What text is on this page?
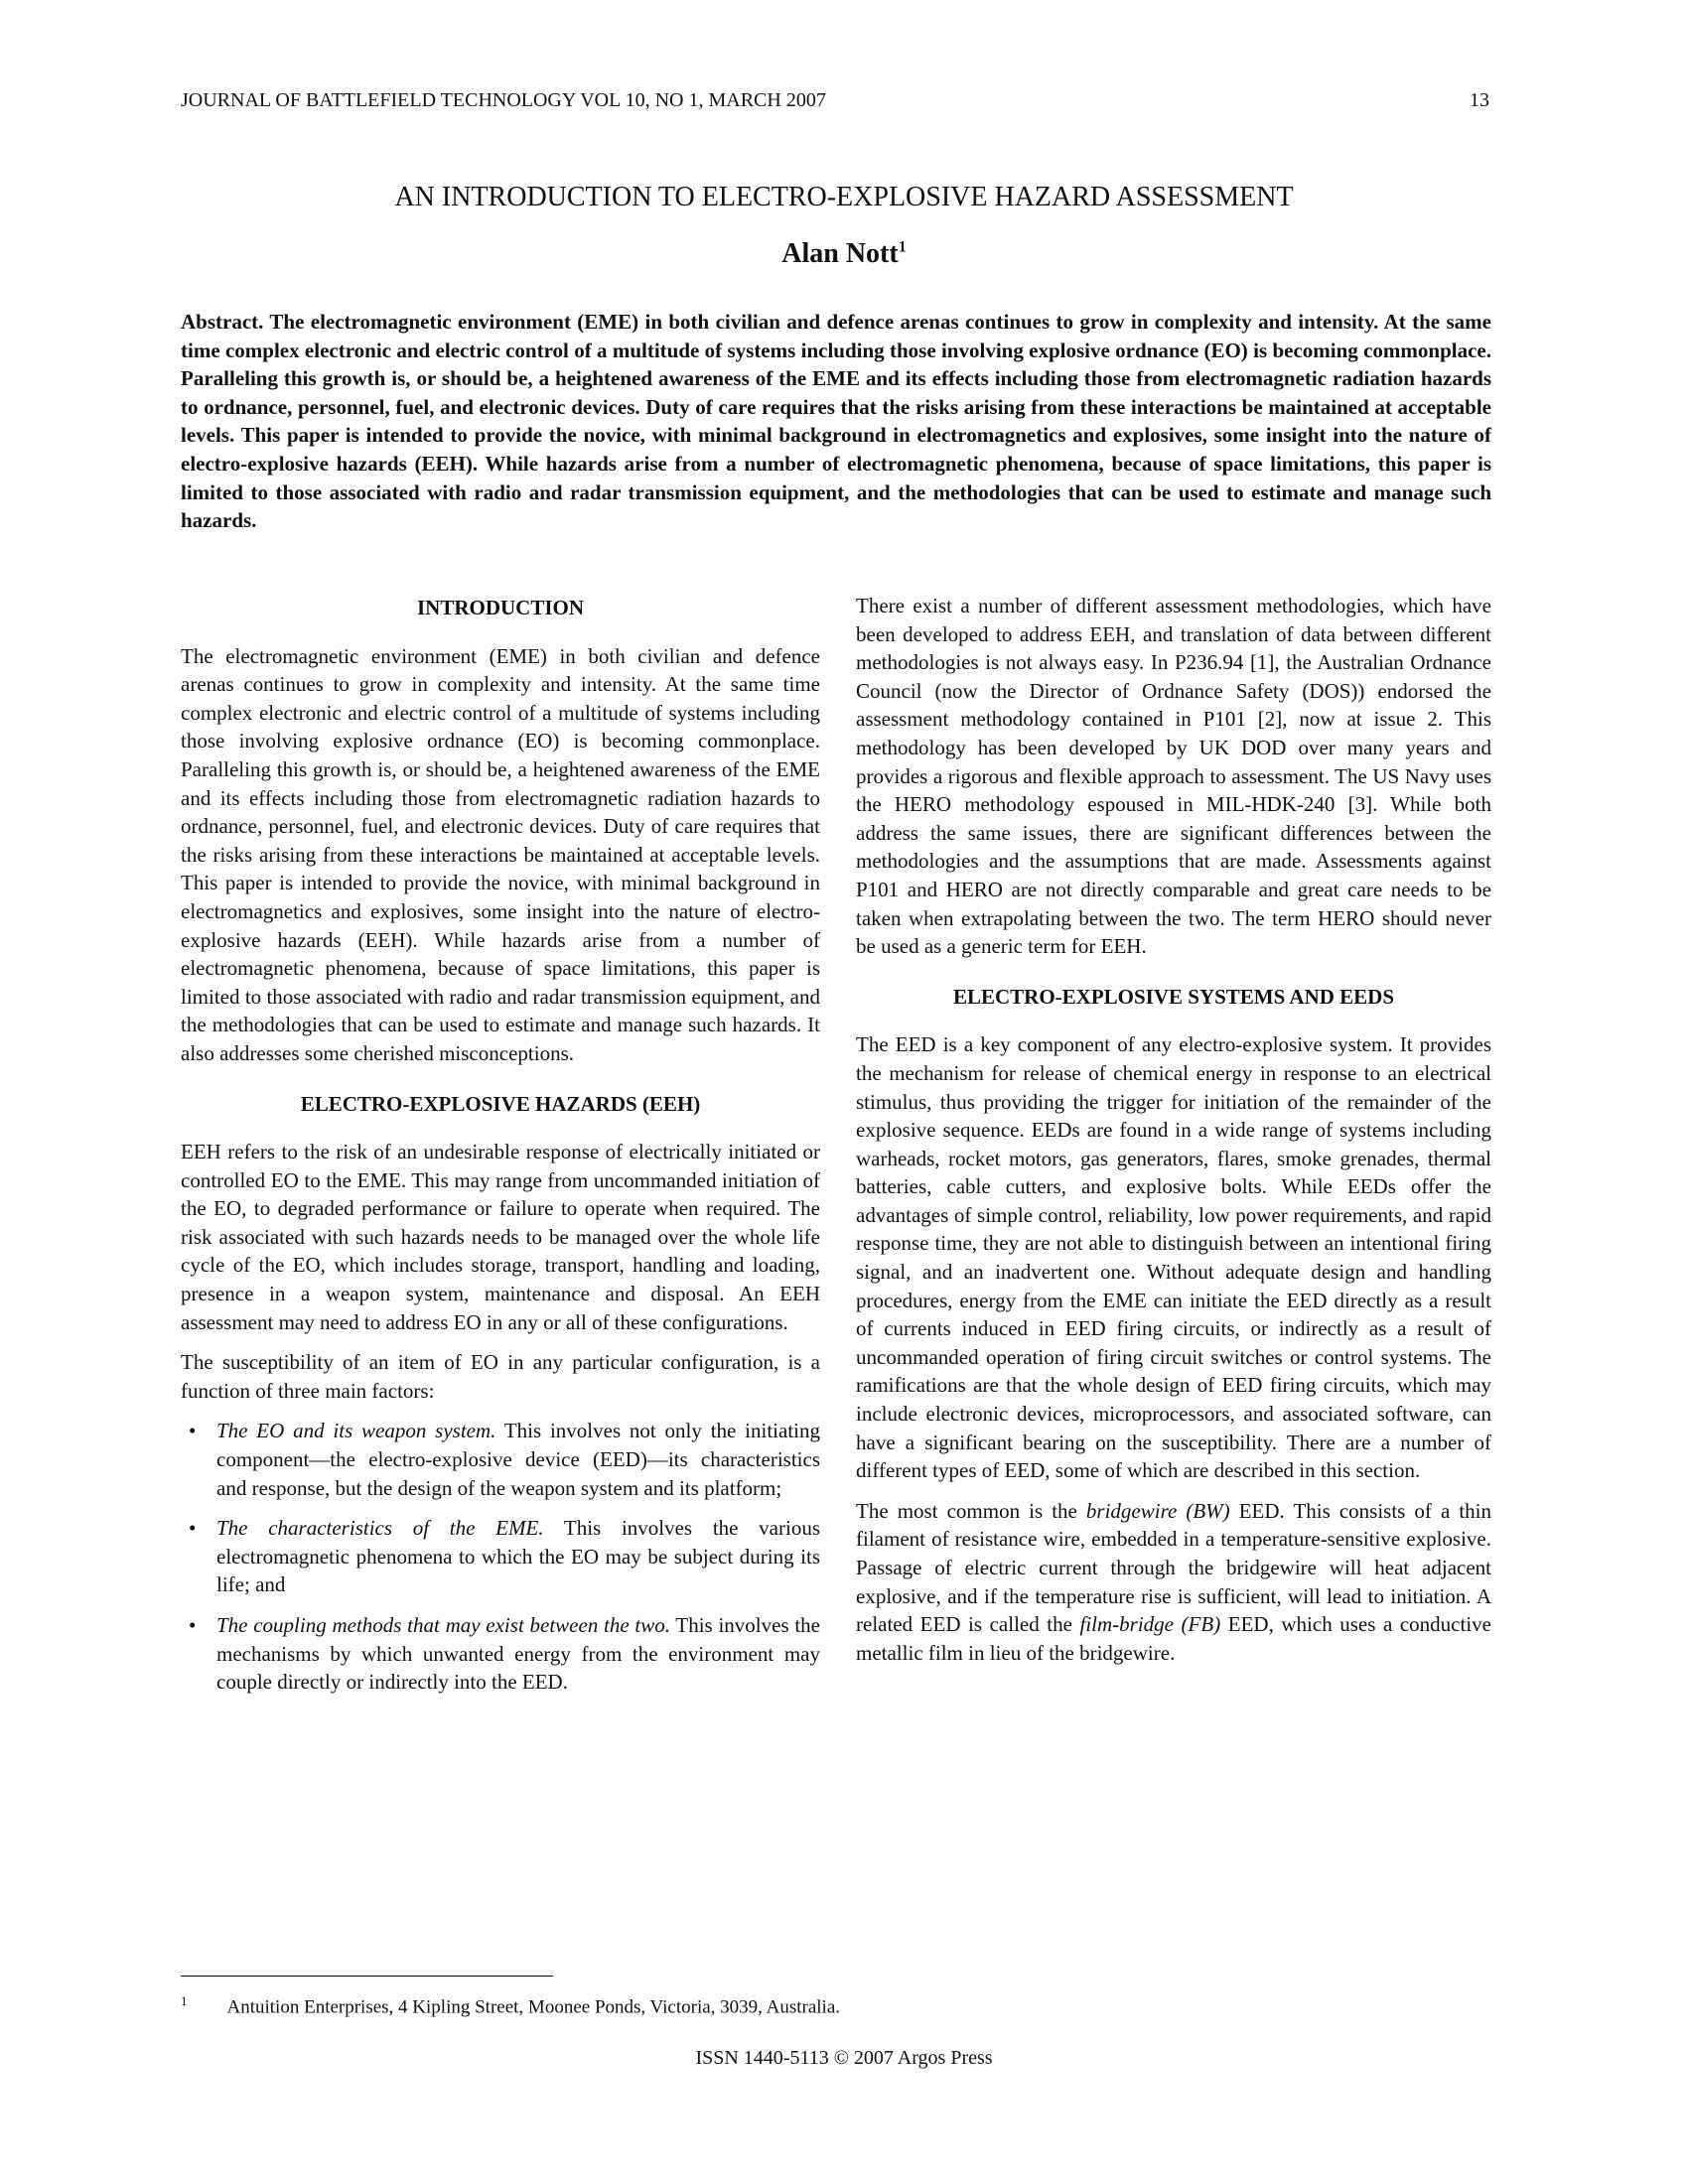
JOURNAL OF BATTLEFIELD TECHNOLOGY VOL 10, NO 1, MARCH 2007	13
AN INTRODUCTION TO ELECTRO-EXPLOSIVE HAZARD ASSESSMENT
Alan Nott$^1$

Abstract. The electromagnetic environment (EME) in both civilian and defence arenas continues to grow in complexity and intensity. At the same time complex electronic and electric control of a multitude of systems including those involving explosive ordnance (EO) is becoming commonplace. Paralleling this growth is, or should be, a heightened awareness of the EME and its effects including those from electromagnetic radiation hazards to ordnance, personnel, fuel, and electronic devices. Duty of care requires that the risks arising from these interactions be maintained at acceptable levels. This paper is intended to provide the novice, with minimal background in electromagnetics and explosives, some insight into the nature of electro-explosive hazards (EEH). While hazards arise from a number of electromagnetic phenomena, because of space limitations, this paper is limited to those associated with radio and radar transmission equipment, and the methodologies that can be used to estimate and manage such hazards.

INTRODUCTION

The electromagnetic environment (EME) in both civilian and defence arenas continues to grow in complexity and intensity. At the same time complex electronic and electric control of a multitude of systems including those involving explosive ordnance (EO) is becoming commonplace. Paralleling this growth is, or should be, a heightened awareness of the EME and its effects including those from electromagnetic radiation hazards to ordnance, personnel, fuel, and electronic devices. Duty of care requires that the risks arising from these interactions be maintained at acceptable levels. This paper is intended to provide the novice, with minimal background in electromagnetics and explosives, some insight into the nature of electro-explosive hazards (EEH). While hazards arise from a number of electromagnetic phenomena, because of space limitations, this paper is limited to those associated with radio and radar transmission equipment, and the methodologies that can be used to estimate and manage such hazards. It also addresses some cherished misconceptions.

ELECTRO-EXPLOSIVE HAZARDS (EEH)

EEH refers to the risk of an undesirable response of electrically initiated or controlled EO to the EME. This may range from uncommanded initiation of the EO, to degraded performance or failure to operate when required. The risk associated with such hazards needs to be managed over the whole life cycle of the EO, which includes storage, transport, handling and loading, presence in a weapon system, maintenance and disposal. An EEH assessment may need to address EO in any or all of these configurations.

The susceptibility of an item of EO in any particular configuration, is a function of three main factors:

• The EO and its weapon system. This involves not only the initiating component—the electro-explosive device (EED)—its characteristics and response, but the design of the weapon system and its platform;
• The characteristics of the EME. This involves the various electromagnetic phenomena to which the EO may be subject during its life; and
• The coupling methods that may exist between the two. This involves the mechanisms by which unwanted energy from the environment may couple directly or indirectly into the EED.

There exist a number of different assessment methodologies, which have been developed to address EEH, and translation of data between different methodologies is not always easy. In P236.94 [1], the Australian Ordnance Council (now the Director of Ordnance Safety (DOS)) endorsed the assessment methodology contained in P101 [2], now at issue 2. This methodology has been developed by UK DOD over many years and provides a rigorous and flexible approach to assessment. The US Navy uses the HERO methodology espoused in MIL-HDK-240 [3]. While both address the same issues, there are significant differences between the methodologies and the assumptions that are made. Assessments against P101 and HERO are not directly comparable and great care needs to be taken when extrapolating between the two. The term HERO should never be used as a generic term for EEH.

ELECTRO-EXPLOSIVE SYSTEMS AND EEDS

The EED is a key component of any electro-explosive system. It provides the mechanism for release of chemical energy in response to an electrical stimulus, thus providing the trigger for initiation of the remainder of the explosive sequence. EEDs are found in a wide range of systems including warheads, rocket motors, gas generators, flares, smoke grenades, thermal batteries, cable cutters, and explosive bolts. While EEDs offer the advantages of simple control, reliability, low power requirements, and rapid response time, they are not able to distinguish between an intentional firing signal, and an inadvertent one. Without adequate design and handling procedures, energy from the EME can initiate the EED directly as a result of currents induced in EED firing circuits, or indirectly as a result of uncommanded operation of firing circuit switches or control systems. The ramifications are that the whole design of EED firing circuits, which may include electronic devices, microprocessors, and associated software, can have a significant bearing on the susceptibility. There are a number of different types of EED, some of which are described in this section.

The most common is the bridgewire (BW) EED. This consists of a thin filament of resistance wire, embedded in a temperature-sensitive explosive. Passage of electric current through the bridgewire will heat adjacent explosive, and if the temperature rise is sufficient, will lead to initiation. A related EED is called the film-bridge (FB) EED, which uses a conductive metallic film in lieu of the bridgewire.

$^1$ Antuition Enterprises, 4 Kipling Street, Moonee Ponds, Victoria, 3039, Australia.
ISSN 1440-5113 © 2007 Argos Press
